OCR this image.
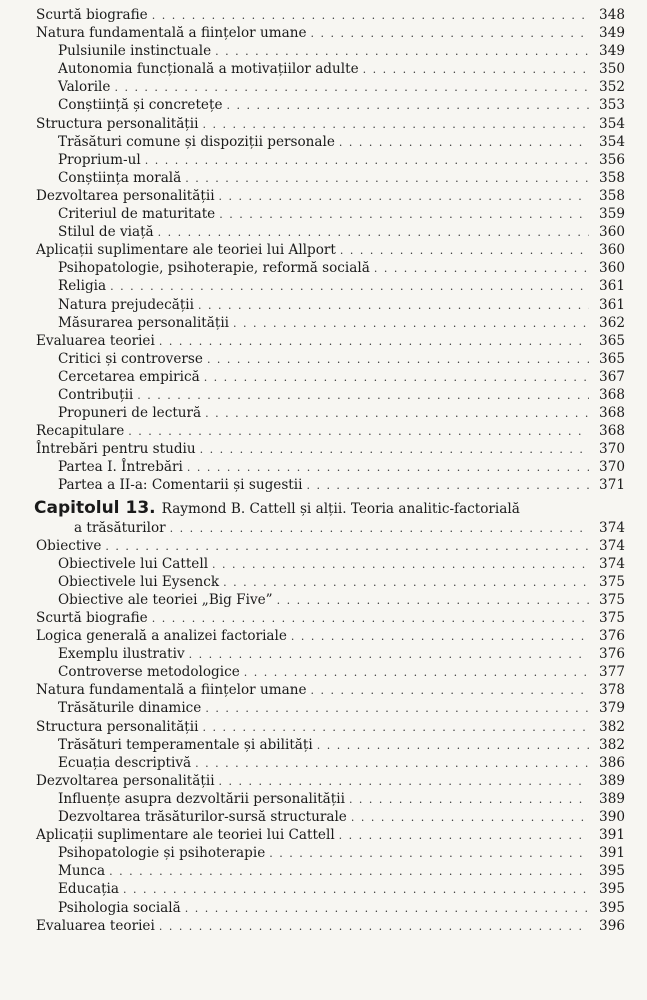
Scurtă biografie . . .	348
Natura fundamentală a ființelor umane . . .	349
Pulsiunile instinctuale . . .	349
Autonomia funcțională a motivațiilor adulte . . .	350
Valorile . . .	352
Conștiință și concretețe . . .	353
Structura personalității . . .	354
Trăsături comune și dispoziții personale . . .	354
Proprium-ul . . .	356
Conștiința morală . . .	358
Dezvoltarea personalității . . .	358
Criteriul de maturitate . . .	359
Stilul de viață . . .	360
Aplicații suplimentare ale teoriei lui Allport . . .	360
Psihopatologie, psihoterapie, reformă socială . . .	360
Religia . . .	361
Natura prejudecății . . .	361
Măsurarea personalității . . .	362
Evaluarea teoriei . . .	365
Critici și controverse . . .	365
Cercetarea empirică . . .	367
Contribuții . . .	368
Propuneri de lectură . . .	368
Recapitulare . . .	368
Întrebări pentru studiu . . .	370
Partea I. Întrebări . . .	370
Partea a II-a: Comentarii și sugestii . . .	371
Capitolul 13. Raymond B. Cattell și alții. Teoria analitic-factorială
a trăsăturilor . . .	374
Obiective . . .	374
Obiectivele lui Cattell . . .	374
Obiectivele lui Eysenck . . .	375
Obiective ale teoriei „Big Five” . . .	375
Scurtă biografie . . .	375
Logica generală a analizei factoriale . . .	376
Exemplu ilustrativ . . .	376
Controverse metodologice . . .	377
Natura fundamentală a ființelor umane . . .	378
Trăsăturile dinamice . . .	379
Structura personalității . . .	382
Trăsături temperamentale și abilități . . .	382
Ecuația descriptivă . . .	386
Dezvoltarea personalității . . .	389
Influențe asupra dezvoltării personalității . . .	389
Dezvoltarea trăsăturilor-sursă structurale . . .	390
Aplicații suplimentare ale teoriei lui Cattell . . .	391
Psihopatologie și psihoterapie . . .	391
Munca . . .	395
Educația . . .	395
Psihologia socială . . .	395
Evaluarea teoriei . . .	396
